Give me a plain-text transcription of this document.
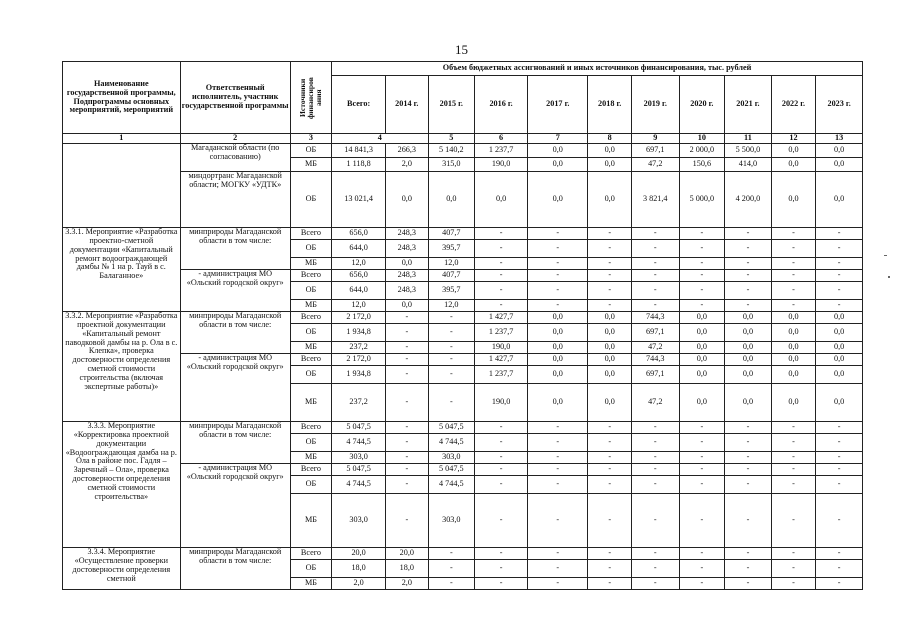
15
Наименование государственной программы, Подпрограммы основных мероприятий, мероприятий	Ответственный исполнитель, участник государственной программы	Источники финансиров ания	Объем бюджетных ассигнований и иных источников финансирования, тыс. рублей										
			Всего:	2014 г.	2015 г.	2016 г.	2017 г.	2018 г.	2019 г.	2020 г.	2021 г.	2022 г.	2023 г.
1	2	3	4		5	6	7	8	9	10	11	12	13
	Магаданской области (по согласованию)	ОБ	14 841,3	266,3	5 140,2	1 237,7	0,0	0,0	697,1	2 000,0	5 500,0	0,0	0,0
		МБ	1 118,8	2,0	315,0	190,0	0,0	0,0	47,2	150,6	414,0	0,0	0,0
	миндортранс Магаданской области; МОГКУ «УДТК»	ОБ	13 021,4	0,0	0,0	0,0	0,0	0,0	3 821,4	5 000,0	4 200,0	0,0	0,0
3.3.1. Мероприятие «Разработка проектно-сметной документации «Капитальный ремонт водоограждающей дамбы № 1 на р. Тауй в с. Балаганное»	минприроды Магаданской области в том числе:	Всего	656,0	248,3	407,7	-	-	-	-	-	-	-	-
		ОБ	644,0	248,3	395,7	-	-	-	-	-	-	-	-
		МБ	12,0	0,0	12,0	-	-	-	-	-	-	-	-
	- администрация МО «Ольский городской округ»	Всего	656,0	248,3	407,7	-	-	-	-	-	-	-	-
		ОБ	644,0	248,3	395,7	-	-	-	-	-	-	-	-
		МБ	12,0	0,0	12,0	-	-	-	-	-	-	-	-
3.3.2. Мероприятие «Разработка проектной документации «Капитальный ремонт паводковой дамбы на р. Ола в с. Клепка», проверка достоверности определения сметной стоимости строительства (включая экспертные работы)»	минприроды Магаданской области в том числе:	Всего	2 172,0	-	-	1 427,7	0,0	0,0	744,3	0,0	0,0	0,0	0,0
		ОБ	1 934,8	-	-	1 237,7	0,0	0,0	697,1	0,0	0,0	0,0	0,0
		МБ	237,2	-	-	190,0	0,0	0,0	47,2	0,0	0,0	0,0	0,0
	- администрация МО «Ольский городской округ»	Всего	2 172,0	-	-	1 427,7	0,0	0,0	744,3	0,0	0,0	0,0	0,0
		ОБ	1 934,8	-	-	1 237,7	0,0	0,0	697,1	0,0	0,0	0,0	0,0
		МБ	237,2	-	-	190,0	0,0	0,0	47,2	0,0	0,0	0,0	0,0
3.3.3. Мероприятие «Корректировка проектной документации «Водоограждающая дамба на р. Ола в районе пос. Гадля – Заречный – Ола», проверка достоверности определения сметной стоимости строительства»	минприроды Магаданской области в том числе:	Всего	5 047,5	-	5 047,5	-	-	-	-	-	-	-	-
		ОБ	4 744,5	-	4 744,5	-	-	-	-	-	-	-	-
		МБ	303,0	-	303,0	-	-	-	-	-	-	-	-
	- администрация МО «Ольский городской округ»	Всего	5 047,5	-	5 047,5	-	-	-	-	-	-	-	-
		ОБ	4 744,5	-	4 744,5	-	-	-	-	-	-	-	-
		МБ	303,0	-	303,0	-	-	-	-	-	-	-	-
3.3.4. Мероприятие «Осуществление проверки достоверности определения сметной	минприроды Магаданской области в том числе:	Всего	20,0	20,0	-	-	-	-	-	-	-	-	-
		ОБ	18,0	18,0	-	-	-	-	-	-	-	-	-
		МБ	2,0	2,0	-	-	-	-	-	-	-	-	-
